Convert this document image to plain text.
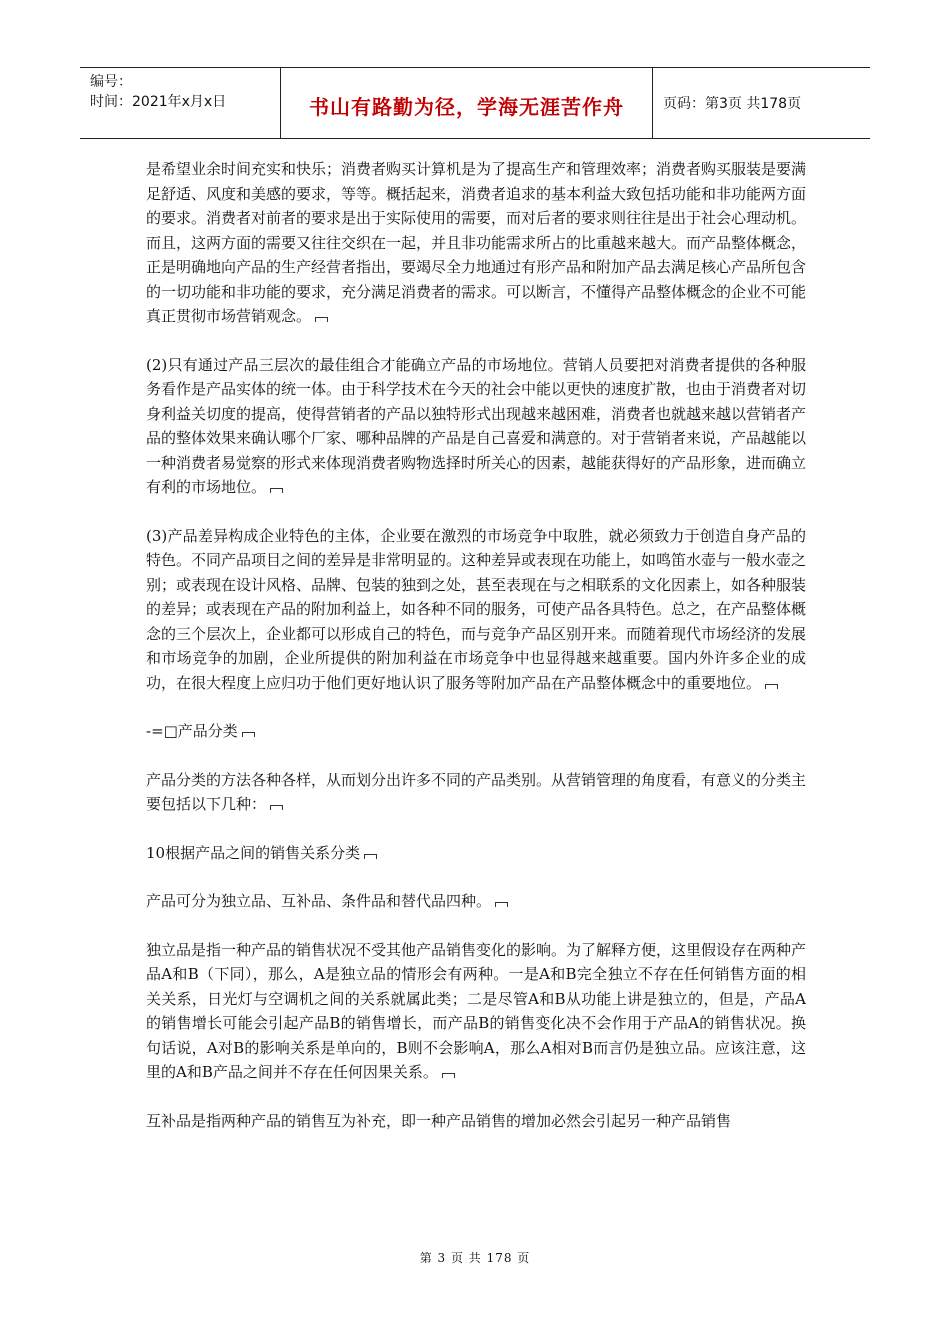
编号：
时间：2021年x月x日	书山有路勤为径，学海无涯苦作舟	页码：第3页 共178页

是希望业余时间充实和快乐；消费者购买计算机是为了提高生产和管理效率；消费者购买服装是要满足舒适、风度和美感的要求，等等。概括起来，消费者追求的基本利益大致包括功能和非功能两方面的要求。消费者对前者的要求是出于实际使用的需要，而对后者的要求则往往是出于社会心理动机。而且，这两方面的需要又往往交织在一起，并且非功能需求所占的比重越来越大。而产品整体概念，正是明确地向产品的生产经营者指出，要竭尽全力地通过有形产品和附加产品去满足核心产品所包含的一切功能和非功能的要求，充分满足消费者的需求。可以断言，不懂得产品整体概念的企业不可能真正贯彻市场营销观念。

(2)只有通过产品三层次的最佳组合才能确立产品的市场地位。营销人员要把对消费者提供的各种服务看作是产品实体的统一体。由于科学技术在今天的社会中能以更快的速度扩散，也由于消费者对切身利益关切度的提高，使得营销者的产品以独特形式出现越来越困难，消费者也就越来越以营销者产品的整体效果来确认哪个厂家、哪种品牌的产品是自己喜爱和满意的。对于营销者来说，产品越能以一种消费者易觉察的形式来体现消费者购物选择时所关心的因素，越能获得好的产品形象，进而确立有利的市场地位。

(3)产品差异构成企业特色的主体，企业要在激烈的市场竞争中取胜，就必须致力于创造自身产品的特色。不同产品项目之间的差异是非常明显的。这种差异或表现在功能上，如鸣笛水壶与一般水壶之别；或表现在设计风格、品牌、包装的独到之处，甚至表现在与之相联系的文化因素上，如各种服装的差异；或表现在产品的附加利益上，如各种不同的服务，可使产品各具特色。总之，在产品整体概念的三个层次上，企业都可以形成自己的特色，而与竞争产品区别开来。而随着现代市场经济的发展和市场竞争的加剧，企业所提供的附加利益在市场竞争中也显得越来越重要。国内外许多企业的成功，在很大程度上应归功于他们更好地认识了服务等附加产品在产品整体概念中的重要地位。

-=□产品分类

产品分类的方法各种各样，从而划分出许多不同的产品类别。从营销管理的角度看，有意义的分类主要包括以下几种：

10根据产品之间的销售关系分类

产品可分为独立品、互补品、条件品和替代品四种。

独立品是指一种产品的销售状况不受其他产品销售变化的影响。为了解释方便，这里假设存在两种产品A和B（下同），那么，A是独立品的情形会有两种。一是A和B完全独立不存在任何销售方面的相关关系，日光灯与空调机之间的关系就属此类；二是尽管A和B从功能上讲是独立的，但是，产品A的销售增长可能会引起产品B的销售增长，而产品B的销售变化决不会作用于产品A的销售状况。换句话说，A对B的影响关系是单向的，B则不会影响A，那么A相对B而言仍是独立品。应该注意，这里的A和B产品之间并不存在任何因果关系。

互补品是指两种产品的销售互为补充，即一种产品销售的增加必然会引起另一种产品销售

第 3 页 共 178 页
